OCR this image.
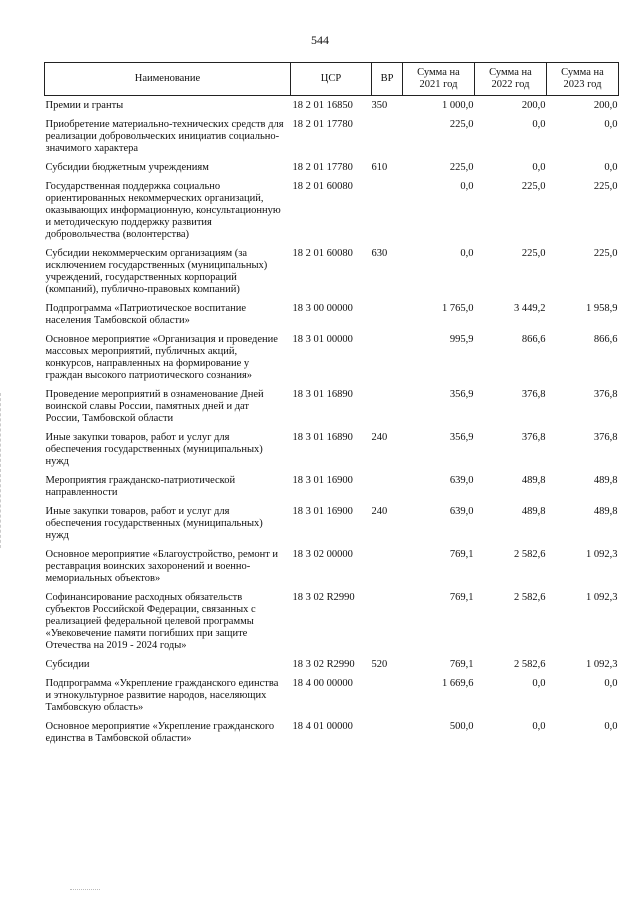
544
Наименование	ЦСР	ВР	Сумма на 2021 год	Сумма на 2022 год	Сумма на 2023 год
Премии и гранты	18 2 01 16850	350	1 000,0	200,0	200,0
Приобретение материально-технических средств для реализации добровольческих инициатив социально-значимого характера	18 2 01 17780		225,0	0,0	0,0
Субсидии бюджетным учреждениям	18 2 01 17780	610	225,0	0,0	0,0
Государственная поддержка социально ориентированных некоммерческих организаций, оказывающих информационную, консультационную и методическую поддержку развития добровольчества (волонтерства)	18 2 01 60080		0,0	225,0	225,0
Субсидии некоммерческим организациям (за исключением государственных (муниципальных) учреждений, государственных корпораций (компаний), публично-правовых компаний)	18 2 01 60080	630	0,0	225,0	225,0
Подпрограмма «Патриотическое воспитание населения Тамбовской области»	18 3 00 00000		1 765,0	3 449,2	1 958,9
Основное мероприятие «Организация и проведение массовых мероприятий, публичных акций, конкурсов, направленных на формирование у граждан высокого патриотического сознания»	18 3 01 00000		995,9	866,6	866,6
Проведение мероприятий в ознаменование Дней воинской славы России, памятных дней и дат России, Тамбовской области	18 3 01 16890		356,9	376,8	376,8
Иные закупки товаров, работ и услуг для обеспечения государственных (муниципальных) нужд	18 3 01 16890	240	356,9	376,8	376,8
Мероприятия гражданско-патриотической направленности	18 3 01 16900		639,0	489,8	489,8
Иные закупки товаров, работ и услуг для обеспечения государственных (муниципальных) нужд	18 3 01 16900	240	639,0	489,8	489,8
Основное мероприятие «Благоустройство, ремонт и реставрация воинских захоронений и военно-мемориальных объектов»	18 3 02 00000		769,1	2 582,6	1 092,3
Софинансирование расходных обязательств субъектов Российской Федерации, связанных с реализацией федеральной целевой программы «Увековечение памяти погибших при защите Отечества на 2019 - 2024 годы»	18 3 02 R2990		769,1	2 582,6	1 092,3
Субсидии	18 3 02 R2990	520	769,1	2 582,6	1 092,3
Подпрограмма «Укрепление гражданского единства и этнокультурное развитие народов, населяющих Тамбовскую область»	18 4 00 00000		1 669,6	0,0	0,0
Основное мероприятие «Укрепление гражданского единства в Тамбовской области»	18 4 01 00000		500,0	0,0	0,0
